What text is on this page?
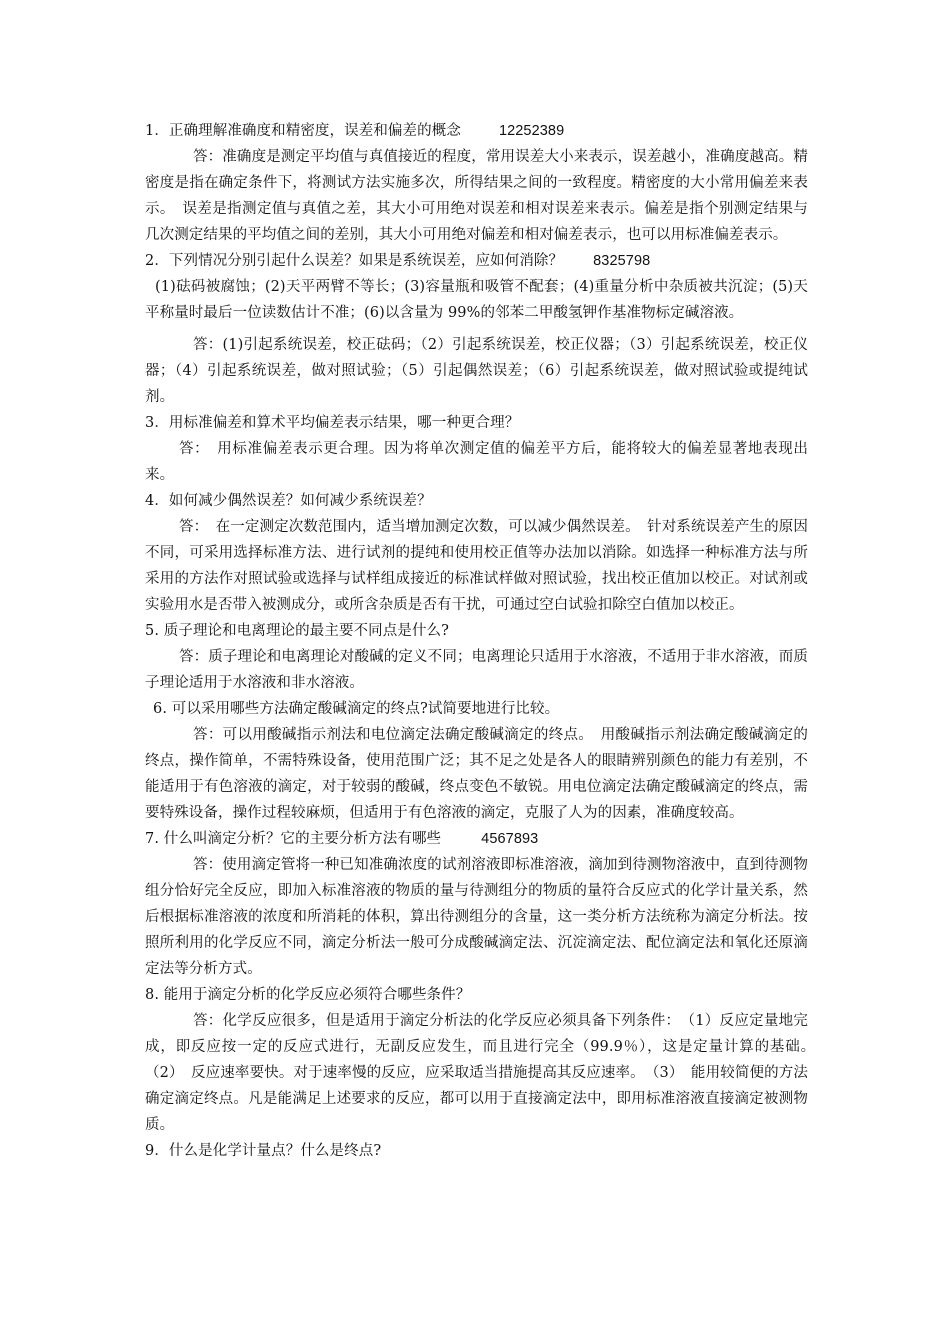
1．正确理解准确度和精密度，误差和偏差的概念	12252389

答：准确度是测定平均值与真值接近的程度，常用误差大小来表示，误差越小，准确度越高。精密度是指在确定条件下，将测试方法实施多次，所得结果之间的一致程度。精密度的大小常用偏差来表示。　误差是指测定值与真值之差，其大小可用绝对误差和相对误差来表示。偏差是指个别测定结果与几次测定结果的平均值之间的差别，其大小可用绝对偏差和相对偏差表示，也可以用标准偏差表示。

2．下列情况分别引起什么误差？如果是系统误差，应如何消除？ 8325798

(1)砝码被腐蚀；(2)天平两臂不等长；(3)容量瓶和吸管不配套；(4)重量分析中杂质被共沉淀；(5)天平称量时最后一位读数估计不准；(6)以含量为 99%的邻苯二甲酸氢钾作基准物标定碱溶液。

答：(1)引起系统误差，校正砝码；（2）引起系统误差，校正仪器；（3）引起系统误差，校正仪器；（4）引起系统误差，做对照试验；（5）引起偶然误差；（6）引起系统误差，做对照试验或提纯试剂。

3．用标准偏差和算术平均偏差表示结果，哪一种更合理？

答：　用标准偏差表示更合理。因为将单次测定值的偏差平方后，能将较大的偏差显著地表现出来。

4．如何减少偶然误差？如何减少系统误差？

答：　在一定测定次数范围内，适当增加测定次数，可以减少偶然误差。　针对系统误差产生的原因不同，可采用选择标准方法、进行试剂的提纯和使用校正值等办法加以消除。如选择一种标准方法与所采用的方法作对照试验或选择与试样组成接近的标准试样做对照试验，找出校正值加以校正。对试剂或实验用水是否带入被测成分，或所含杂质是否有干扰，可通过空白试验扣除空白值加以校正。

5. 质子理论和电离理论的最主要不同点是什么?

答：质子理论和电离理论对酸碱的定义不同；电离理论只适用于水溶液，不适用于非水溶液，而质子理论适用于水溶液和非水溶液。

6. 可以采用哪些方法确定酸碱滴定的终点?试简要地进行比较。

答：可以用酸碱指示剂法和电位滴定法确定酸碱滴定的终点。　用酸碱指示剂法确定酸碱滴定的终点，操作简单，不需特殊设备，使用范围广泛；其不足之处是各人的眼睛辨别颜色的能力有差别，不能适用于有色溶液的滴定，对于较弱的酸碱，终点变色不敏锐。用电位滴定法确定酸碱滴定的终点，需要特殊设备，操作过程较麻烦，但适用于有色溶液的滴定，克服了人为的因素，准确度较高。

7. 什么叫滴定分析？它的主要分析方法有哪些	4567893

答：使用滴定管将一种已知准确浓度的试剂溶液即标准溶液，滴加到待测物溶液中，直到待测物组分恰好完全反应，即加入标准溶液的物质的量与待测组分的物质的量符合反应式的化学计量关系，然后根据标准溶液的浓度和所消耗的体积，算出待测组分的含量，这一类分析方法统称为滴定分析法。按照所利用的化学反应不同，滴定分析法一般可分成酸碱滴定法、沉淀滴定法、配位滴定法和氧化还原滴定法等分析方式。

8. 能用于滴定分析的化学反应必须符合哪些条件？

答：化学反应很多，但是适用于滴定分析法的化学反应必须具备下列条件：　（1）反应定量地完成，即反应按一定的反应式进行，无副反应发生，而且进行完全（99.9％），这是定量计算的基础。　（2）　反应速率要快。对于速率慢的反应，应采取适当措施提高其反应速率。　（3）　能用较简便的方法确定滴定终点。凡是能满足上述要求的反应，都可以用于直接滴定法中，即用标准溶液直接滴定被测物质。

9．什么是化学计量点？什么是终点?
